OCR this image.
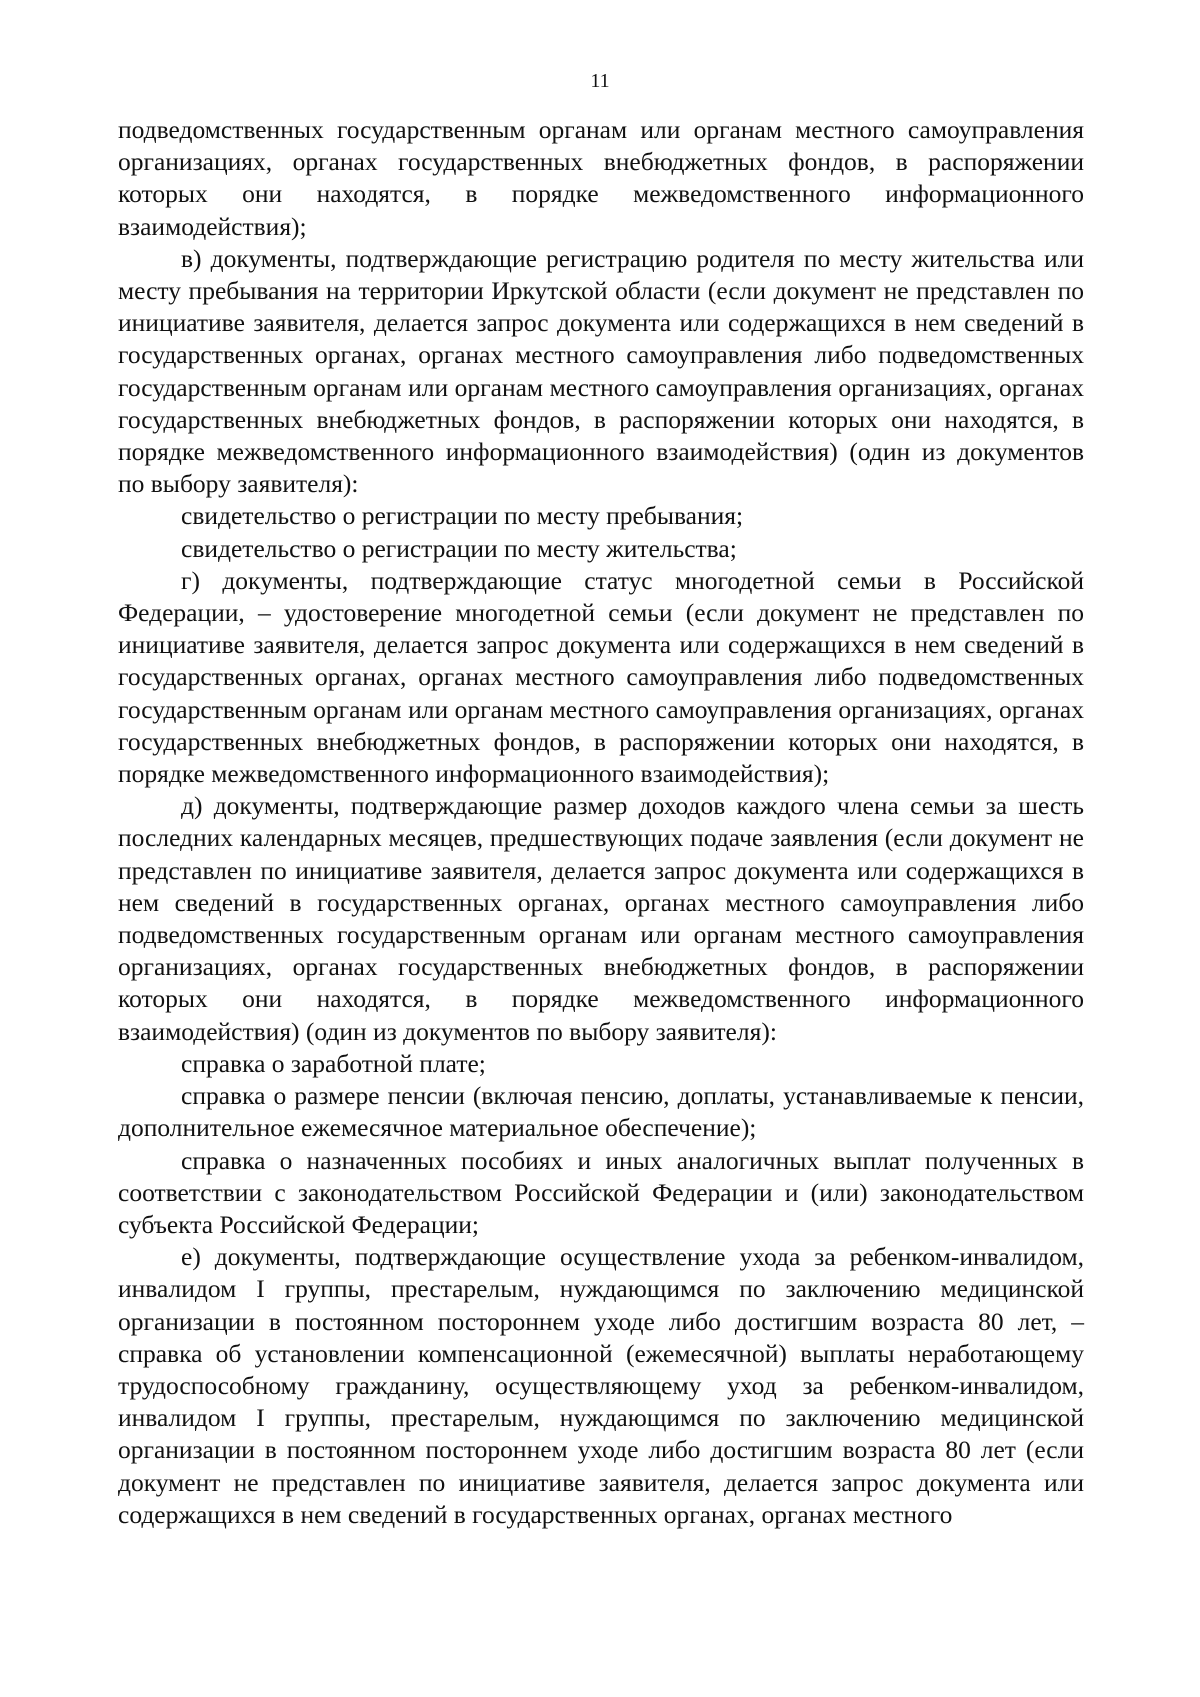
11

подведомственных государственным органам или органам местного самоуправления организациях, органах государственных внебюджетных фондов, в распоряжении которых они находятся, в порядке межведомственного информационного взаимодействия);

в) документы, подтверждающие регистрацию родителя по месту жительства или месту пребывания на территории Иркутской области (если документ не представлен по инициативе заявителя, делается запрос документа или содержащихся в нем сведений в государственных органах, органах местного самоуправления либо подведомственных государственным органам или органам местного самоуправления организациях, органах государственных внебюджетных фондов, в распоряжении которых они находятся, в порядке межведомственного информационного взаимодействия) (один из документов по выбору заявителя):

свидетельство о регистрации по месту пребывания;

свидетельство о регистрации по месту жительства;

г) документы, подтверждающие статус многодетной семьи в Российской Федерации, – удостоверение многодетной семьи (если документ не представлен по инициативе заявителя, делается запрос документа или содержащихся в нем сведений в государственных органах, органах местного самоуправления либо подведомственных государственным органам или органам местного самоуправления организациях, органах государственных внебюджетных фондов, в распоряжении которых они находятся, в порядке межведомственного информационного взаимодействия);

д) документы, подтверждающие размер доходов каждого члена семьи за шесть последних календарных месяцев, предшествующих подаче заявления (если документ не представлен по инициативе заявителя, делается запрос документа или содержащихся в нем сведений в государственных органах, органах местного самоуправления либо подведомственных государственным органам или органам местного самоуправления организациях, органах государственных внебюджетных фондов, в распоряжении которых они находятся, в порядке межведомственного информационного взаимодействия) (один из документов по выбору заявителя):

справка о заработной плате;

справка о размере пенсии (включая пенсию, доплаты, устанавливаемые к пенсии, дополнительное ежемесячное материальное обеспечение);

справка о назначенных пособиях и иных аналогичных выплат полученных в соответствии с законодательством Российской Федерации и (или) законодательством субъекта Российской Федерации;

е) документы, подтверждающие осуществление ухода за ребенком-инвалидом, инвалидом I группы, престарелым, нуждающимся по заключению медицинской организации в постоянном постороннем уходе либо достигшим возраста 80 лет, – справка об установлении компенсационной (ежемесячной) выплаты неработающему трудоспособному гражданину, осуществляющему уход за ребенком-инвалидом, инвалидом I группы, престарелым, нуждающимся по заключению медицинской организации в постоянном постороннем уходе либо достигшим возраста 80 лет (если документ не представлен по инициативе заявителя, делается запрос документа или содержащихся в нем сведений в государственных органах, органах местного
